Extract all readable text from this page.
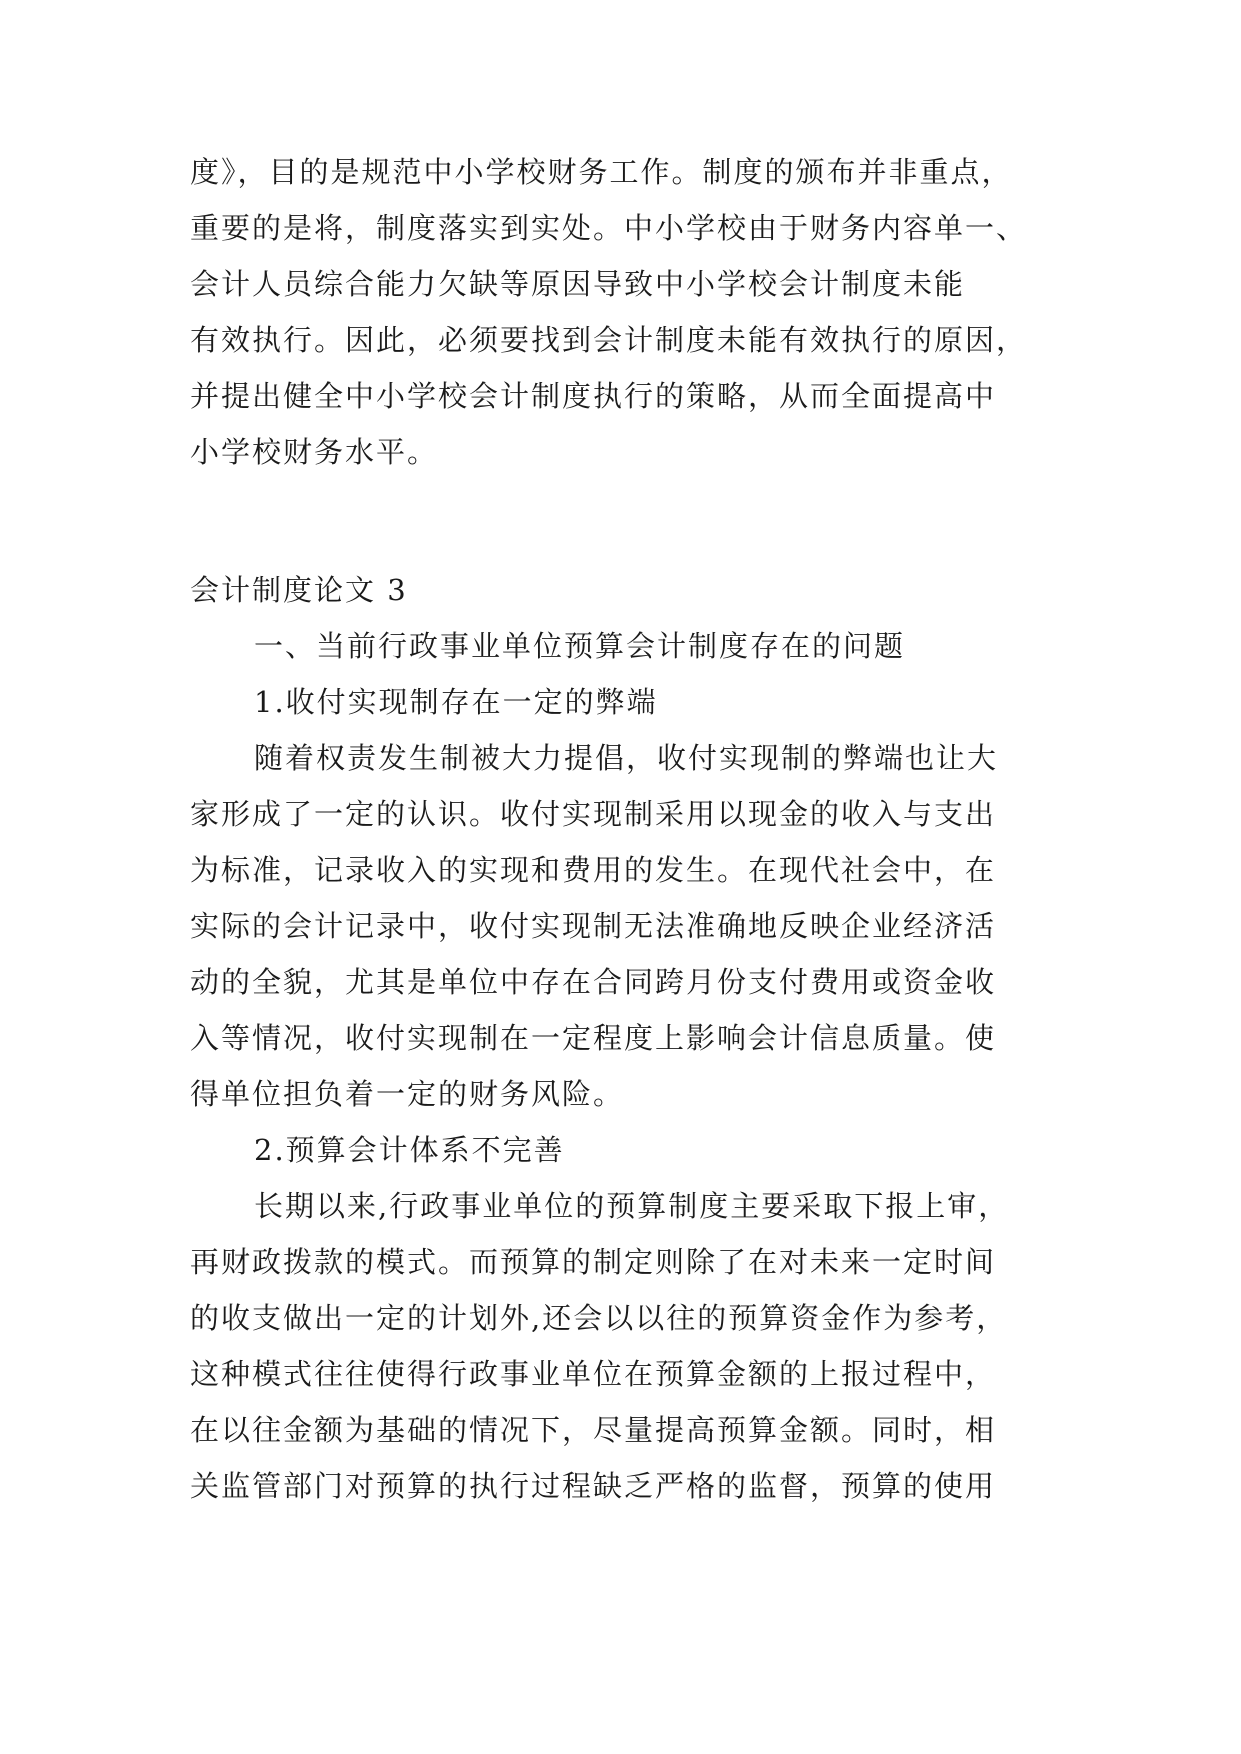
度》，目的是规范中小学校财务工作。制度的颁布并非重点，
重要的是将，制度落实到实处。中小学校由于财务内容单一、
会计人员综合能力欠缺等原因导致中小学校会计制度未能
有效执行。因此，必须要找到会计制度未能有效执行的原因，
并提出健全中小学校会计制度执行的策略，从而全面提高中
小学校财务水平。
会计制度论文 3
一、当前行政事业单位预算会计制度存在的问题
1.收付实现制存在一定的弊端
随着权责发生制被大力提倡，收付实现制的弊端也让大
家形成了一定的认识。收付实现制采用以现金的收入与支出
为标准，记录收入的实现和费用的发生。在现代社会中，在
实际的会计记录中，收付实现制无法准确地反映企业经济活
动的全貌，尤其是单位中存在合同跨月份支付费用或资金收
入等情况，收付实现制在一定程度上影响会计信息质量。使
得单位担负着一定的财务风险。
2.预算会计体系不完善
长期以来,行政事业单位的预算制度主要采取下报上审，
再财政拨款的模式。而预算的制定则除了在对未来一定时间
的收支做出一定的计划外,还会以以往的预算资金作为参考，
这种模式往往使得行政事业单位在预算金额的上报过程中，
在以往金额为基础的情况下，尽量提高预算金额。同时，相
关监管部门对预算的执行过程缺乏严格的监督，预算的使用
